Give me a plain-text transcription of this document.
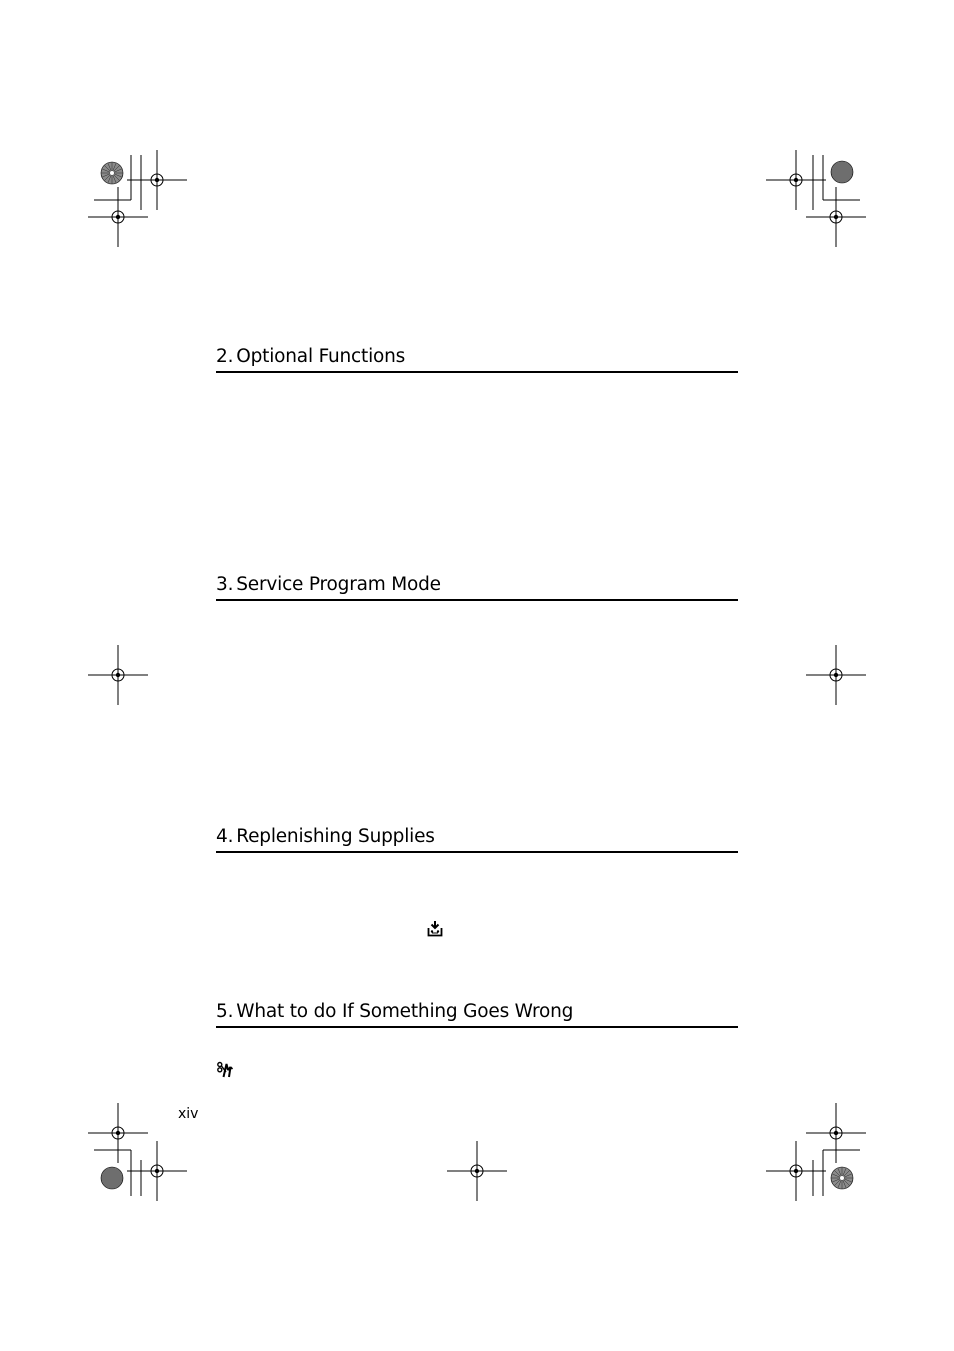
2. Optional Functions
3. Service Program Mode
4. Replenishing Supplies
5. What to do If Something Goes Wrong
xiv
